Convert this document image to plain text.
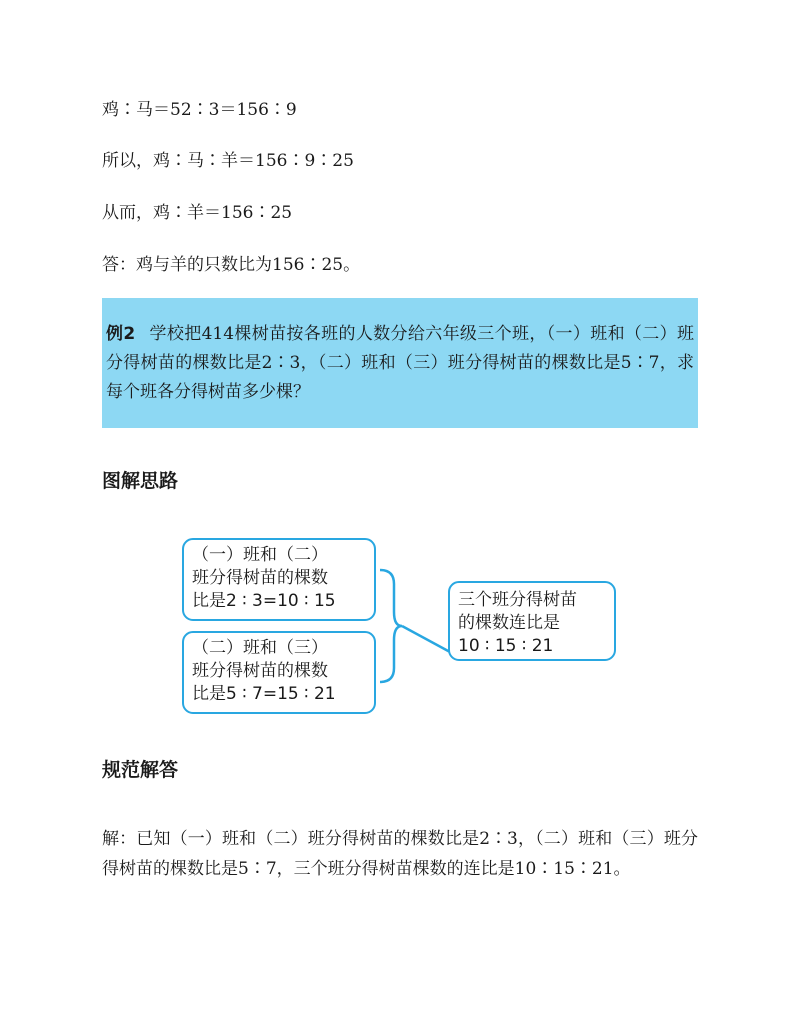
鸡∶马＝52∶3＝156∶9
所以，鸡∶马∶羊＝156∶9∶25
从而，鸡∶羊＝156∶25
答：鸡与羊的只数比为156∶25。
例2 学校把414棵树苗按各班的人数分给六年级三个班，（一）班和（二）班分得树苗的棵数比是2∶3，（二）班和（三）班分得树苗的棵数比是5∶7，求每个班各分得树苗多少棵？
图解思路
（一）班和（二）
班分得树苗的棵数
比是2 ∶ 3=10 ∶ 15
（二）班和（三）
班分得树苗的棵数
比是5 ∶ 7=15 ∶ 21
三个班分得树苗
的棵数连比是
10 ∶ 15 ∶ 21
规范解答
解：已知（一）班和（二）班分得树苗的棵数比是2∶3，（二）班和（三）班分得树苗的棵数比是5∶7，三个班分得树苗棵数的连比是10∶15∶21。
